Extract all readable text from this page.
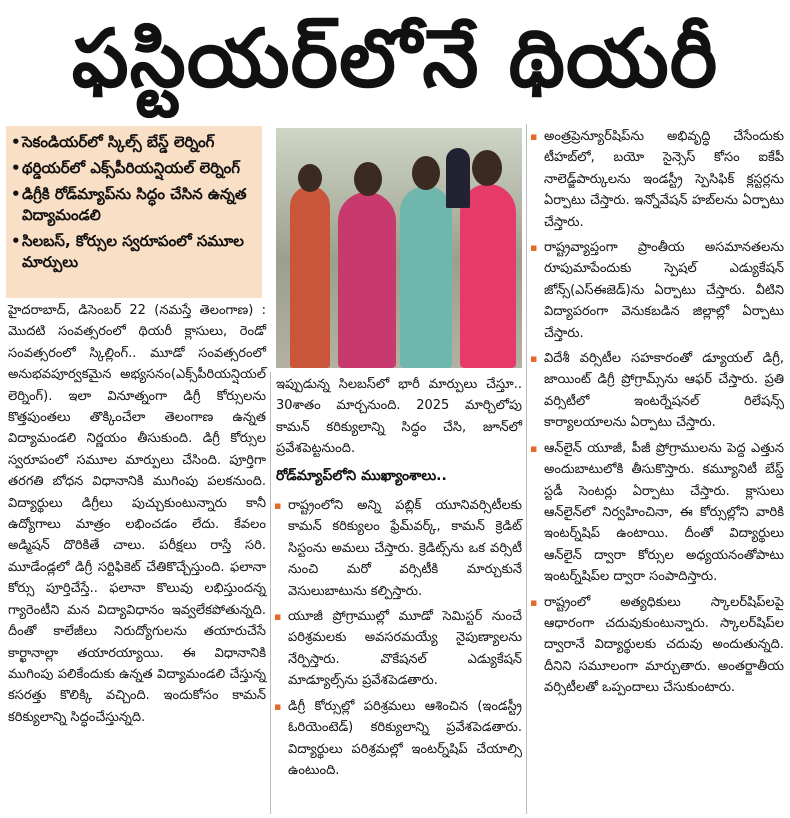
ఫస్టియర్‌లోనే థియరీ
• సెకండియర్‌లో స్కిల్స్ బేస్డ్ లెర్నింగ్
• థర్డియర్‌లో ఎక్స్‌పీరియన్షియల్ లెర్నింగ్
• డిగ్రీకి రోడ్‌మ్యాప్‌ను సిద్ధం చేసిన ఉన్నత విద్యామండలి
• సిలబస్, కోర్సుల స్వరూపంలో సమూల మార్పులు

హైదరాబాద్, డిసెంబర్ 22 (నమస్తే తెలంగాణ) : మొదటి సంవత్సరంలో థియరీ క్లాసులు, రెండో సంవత్సరంలో స్కిల్లింగ్.. మూడో సంవత్సరంలో అనుభవపూర్వకమైన అభ్యసనం(ఎక్స్‌పీరియన్షియల్ లెర్నింగ్). ఇలా వినూత్నంగా డిగ్రీ కోర్సులను కొత్తపుంతలు తొక్కించేలా తెలంగాణ ఉన్నత విద్యామండలి నిర్ణయం తీసుకుంది. డిగ్రీ కోర్సుల స్వరూపంలో సమూల మార్పులు చేసింది. పూర్తిగా తరగతి బోధన విధానానికి ముగింపు పలకనుంది. విద్యార్థులు డిగ్రీలు పుచ్చుకుంటున్నారు కానీ ఉద్యోగాలు మాత్రం లభించడం లేదు. కేవలం అడ్మిషన్ దొరికితే చాలు. పరీక్షలు రాస్తే సరి. మూడేండ్లలో డిగ్రీ సర్టిఫికెట్ చేతికొచ్చేస్తుంది. ఫలానా కోర్సు పూర్తిచేస్తే.. ఫలానా కొలువు లభిస్తుందన్న గ్యారెంటీని మన విద్యావిధానం ఇవ్వలేకపోతున్నది. దీంతో కాలేజీలు నిరుద్యోగులను తయారుచేసే కార్ఖానాల్లా తయారయ్యాయి. ఈ విధానానికి ముగింపు పలికేందుకు ఉన్నత విద్యామండలి చేస్తున్న కసరత్తు కొలిక్కి వచ్చింది. ఇందుకోసం కామన్ కరిక్యులాన్ని సిద్ధంచేస్తున్నది.

ఇప్పుడున్న సిలబస్‌లో భారీ మార్పులు చేస్తూ.. 30శాతం మార్చనుంది. 2025 మార్చిలోపు కామన్ కరిక్యులాన్ని సిద్ధం చేసి, జూన్‌లో ప్రవేశపెట్టనుంది.

రోడ్‌మ్యాప్‌లోని ముఖ్యాంశాలు..

▪ రాష్ట్రంలోని అన్ని పబ్లిక్ యూనివర్సిటీలకు కామన్ కరిక్యులం ఫ్రేమ్‌వర్క్, కామన్ క్రెడిట్ సిస్టంను అమలు చేస్తారు. క్రెడిట్స్‌ను ఒక వర్సిటీ నుంచి మరో వర్సిటీకి మార్చుకునే వెసులుబాటును కల్పిస్తారు.

▪ యూజీ ప్రోగ్రాముల్లో మూడో సెమిస్టర్ నుంచే పరిశ్రమలకు అవసరమయ్యే నైపుణ్యాలను నేర్పిస్తారు. వొకేషనల్ ఎడ్యుకేషన్ మాడ్యూల్స్‌ను ప్రవేశపెడతారు.

▪ డిగ్రీ కోర్సుల్లో పరిశ్రమలు ఆశించిన (ఇండస్ట్రీ ఓరియెంటెడ్) కరిక్యులాన్ని ప్రవేశపెడతారు. విద్యార్థులు పరిశ్రమల్లో ఇంటర్న్‌షిప్ చేయాల్సి ఉంటుంది.

▪ అంత్రప్రెన్యూర్‌షిప్‌ను అభివృద్ధి చేసేందుకు టీహబ్‌లో, బయో సైన్సెస్ కోసం ఐకేపీ నాలెడ్జ్‌పార్కులను ఇండస్ట్రీ స్పెసిఫిక్ క్లస్టర్లను ఏర్పాటు చేస్తారు. ఇన్నోవేషన్ హబ్‌లను ఏర్పాటు చేస్తారు.

▪ రాష్ట్రవ్యాప్తంగా ప్రాంతీయ అసమానతలను రూపుమాపేందుకు స్పెషల్ ఎడ్యుకేషన్ జోన్స్(ఎస్ఈజెడ్)ను ఏర్పాటు చేస్తారు. వీటిని విద్యాపరంగా వెనుకబడిన జిల్లాల్లో ఏర్పాటు చేస్తారు.

▪ విదేశీ వర్సిటీల సహకారంతో డ్యూయల్ డిగ్రీ, జాయింట్ డిగ్రీ ప్రోగ్రామ్స్‌ను ఆఫర్ చేస్తారు. ప్రతి వర్సిటీలో ఇంటర్నేషనల్ రిలేషన్స్ కార్యాలయాలను ఏర్పాటు చేస్తారు.

▪ ఆన్‌లైన్ యూజీ, పీజీ ప్రోగ్రాములను పెద్ద ఎత్తున అందుబాటులోకి తీసుకొస్తారు. కమ్యూనిటీ బేస్డ్ స్టడీ సెంటర్లు ఏర్పాటు చేస్తారు. క్లాసులు ఆన్‌లైన్‌లో నిర్వహించినా, ఈ కోర్సుల్లోని వారికి ఇంటర్న్‌షిప్ ఉంటాయి. దీంతో విద్యార్థులు ఆన్‌లైన్ ద్వారా కోర్సుల అధ్యయనంతోపాటు ఇంటర్న్‌షిప్‌ల ద్వారా సంపాదిస్తారు.

▪ రాష్ట్రంలో అత్యధికులు స్కాలర్‌షిప్‌లపై ఆధారంగా చదువుకుంటున్నారు. స్కాలర్‌షిప్‌ల ద్వారానే విద్యార్థులకు చదువు అందుతున్నది. దీనిని సమూలంగా మార్చుతారు. అంతర్జాతీయ వర్సిటీలతో ఒప్పందాలు చేసుకుంటారు.
